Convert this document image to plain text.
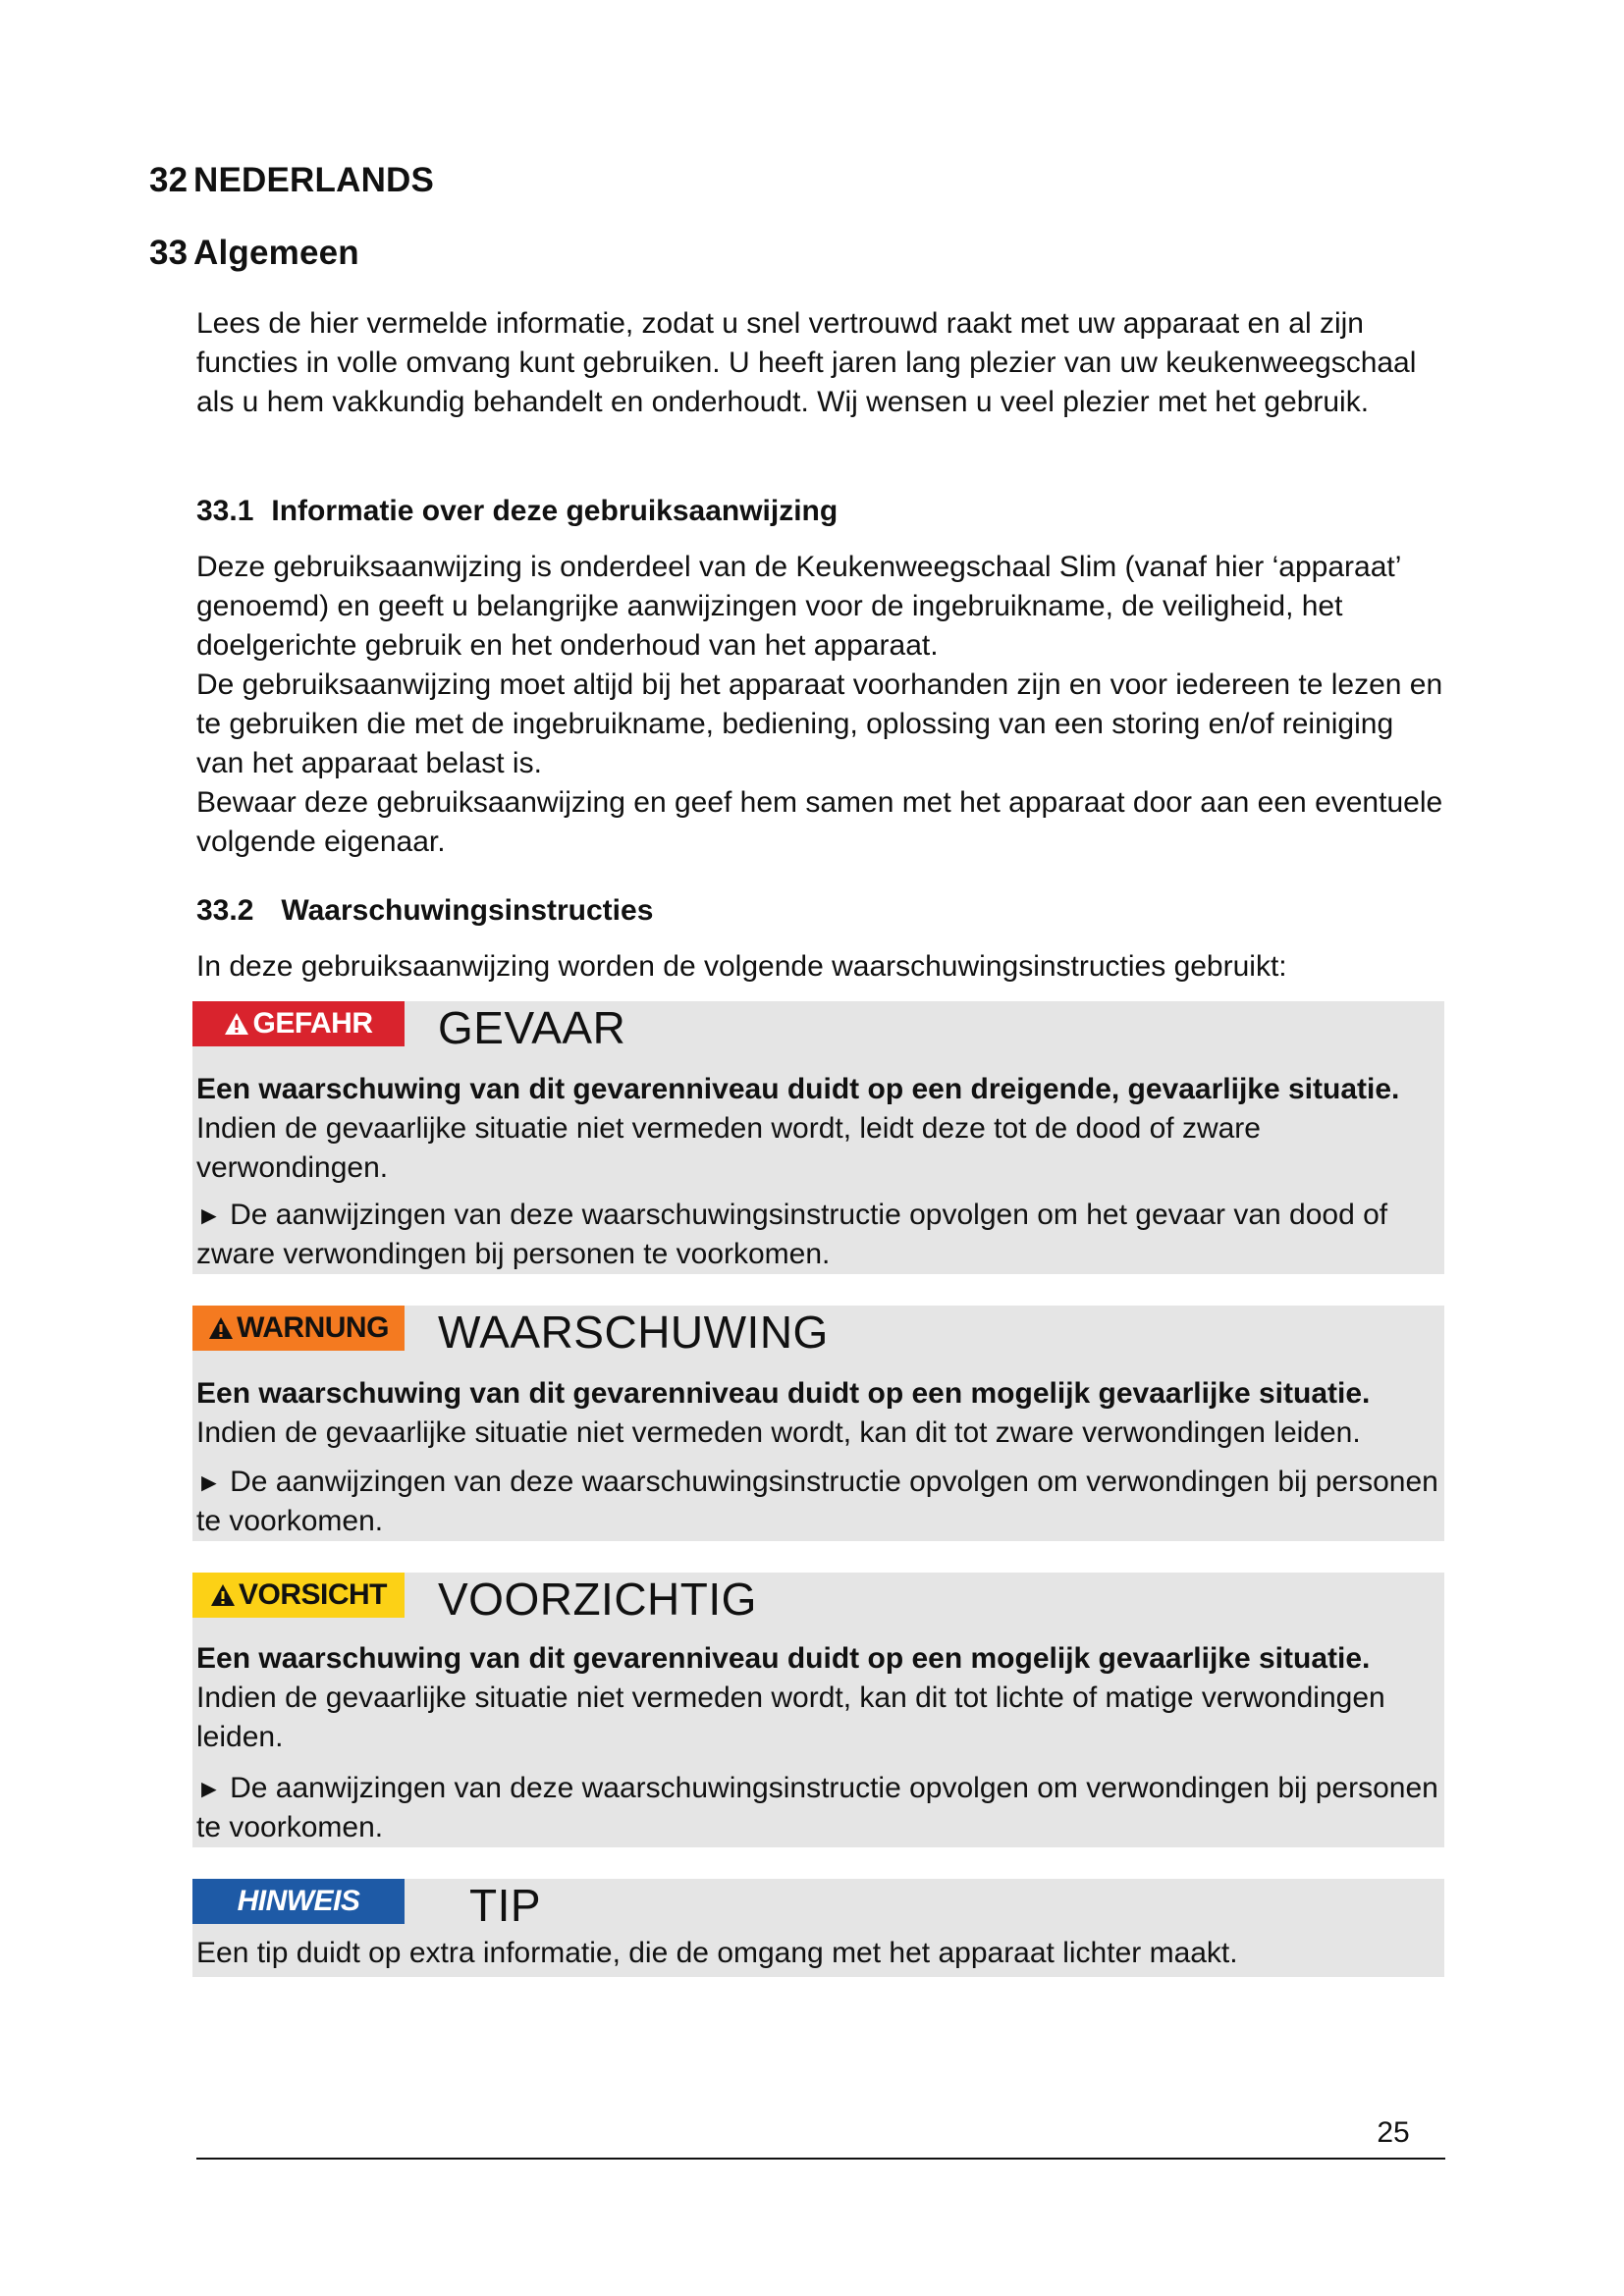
32 NEDERLANDS
33 Algemeen

Lees de hier vermelde informatie, zodat u snel vertrouwd raakt met uw apparaat en al zijn functies in volle omvang kunt gebruiken. U heeft jaren lang plezier van uw keukenweegschaal als u hem vakkundig behandelt en onderhoudt. Wij wensen u veel plezier met het gebruik.

33.1 Informatie over deze gebruiksaanwijzing
Deze gebruiksaanwijzing is onderdeel van de Keukenweegschaal Slim (vanaf hier ‘apparaat’ genoemd) en geeft u belangrijke aanwijzingen voor de ingebruikname, de veiligheid, het doelgerichte gebruik en het onderhoud van het apparaat.
De gebruiksaanwijzing moet altijd bij het apparaat voorhanden zijn en voor iedereen te lezen en te gebruiken die met de ingebruikname, bediening, oplossing van een storing en/of reiniging van het apparaat belast is.
Bewaar deze gebruiksaanwijzing en geef hem samen met het apparaat door aan een eventuele volgende eigenaar.
33.2 Waarschuwingsinstructies

In deze gebruiksaanwijzing worden de volgende waarschuwingsinstructies gebruikt:

GEFAHR GEVAAR

Een waarschuwing van dit gevarenniveau duidt op een dreigende, gevaarlijke situatie. Indien de gevaarlijke situatie niet vermeden wordt, leidt deze tot de dood of zware verwondingen.

► De aanwijzingen van deze waarschuwingsinstructie opvolgen om het gevaar van dood of zware verwondingen bij personen te voorkomen.

WARNUNG WAARSCHUWING

Een waarschuwing van dit gevarenniveau duidt op een mogelijk gevaarlijke situatie. Indien de gevaarlijke situatie niet vermeden wordt, kan dit tot zware verwondingen leiden.

► De aanwijzingen van deze waarschuwingsinstructie opvolgen om verwondingen bij personen te voorkomen.

VORSICHT VOORZICHTIG

Een waarschuwing van dit gevarenniveau duidt op een mogelijk gevaarlijke situatie. Indien de gevaarlijke situatie niet vermeden wordt, kan dit tot lichte of matige verwondingen leiden.

► De aanwijzingen van deze waarschuwingsinstructie opvolgen om verwondingen bij personen te voorkomen.

HINWEIS TIP

Een tip duidt op extra informatie, die de omgang met het apparaat lichter maakt.

25
